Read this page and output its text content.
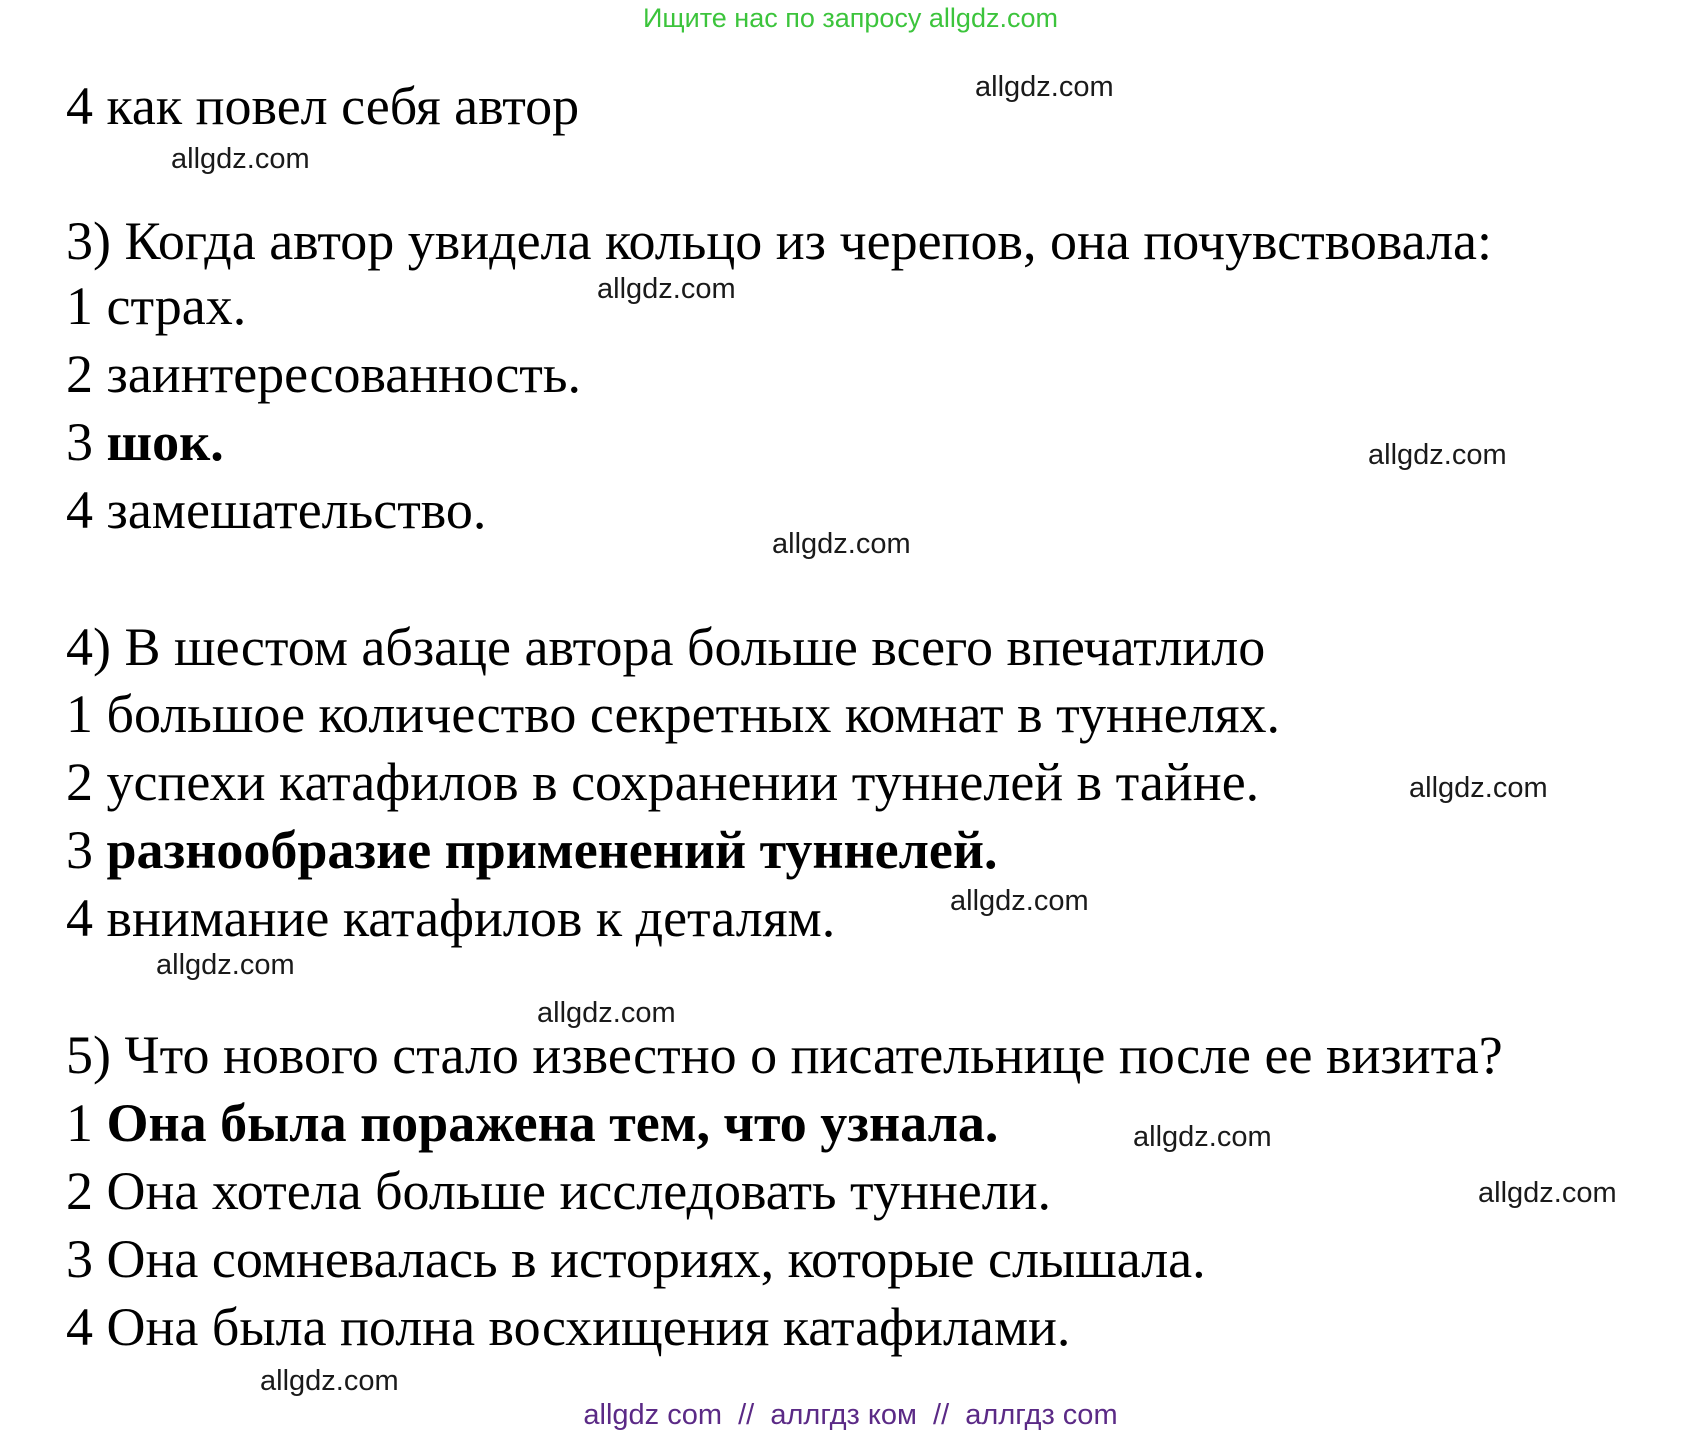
Ищите нас по запросу allgdz.com
4 как повел себя автор
3) Когда автор увидела кольцо из черепов, она почувствовала:
1 страх.
2 заинтересованность.
3 шок.
4 замешательство.
4) В шестом абзаце автора больше всего впечатлило
1 большое количество секретных комнат в туннелях.
2 успехи катафилов в сохранении туннелей в тайне.
3 разнообразие применений туннелей.
4 внимание катафилов к деталям.
5) Что нового стало известно о писательнице после ее визита?
1 Она была поражена тем, что узнала.
2 Она хотела больше исследовать туннели.
3 Она сомневалась в историях, которые слышала.
4 Она была полна восхищения катафилами.
allgdz.com
allgdz.com
allgdz.com
allgdz.com
allgdz.com
allgdz.com
allgdz.com
allgdz.com
allgdz.com
allgdz.com
allgdz.com
allgdz.com
allgdz com  //  аллгдз ком  //  аллгдз com
